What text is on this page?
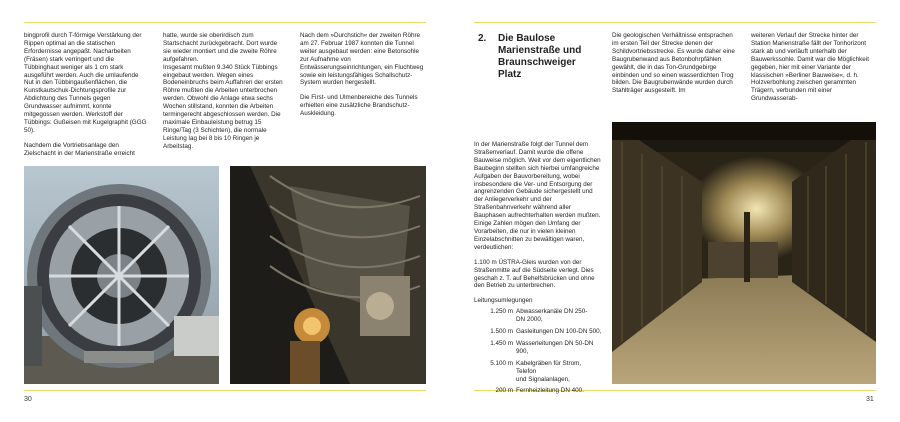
bingprofil durch T-förmige Verstärkung der Rippen optimal an die statischen Erfordernisse angepaßt. Nacharbeiten (Fräsen) stark verringert und die Tübbinghaut weniger als 1 cm stark ausgeführt werden. Auch die umlaufende Nut in den Tübbingaußenflächen, die Kunstkautschuk-Dichtungsprofile zur Abdichtung des Tunnels gegen Grundwasser aufnimmt, konnte mitgegossen werden. Werkstoff der Tübbings: Gußeisen mit Kugelgraphit (GGG 50).

Nachdem die Vortriebsanlage den Zielschacht in der Marienstraße erreicht

hatte, wurde sie oberirdisch zum Startschacht zurückgebracht. Dort wurde sie wieder montiert und die zweite Röhre aufgefahren.

Insgesamt mußten 9.340 Stück Tübbings eingebaut werden. Wegen eines Bodeneinbruchs beim Auffahren der ersten Röhre mußten die Arbeiten unterbrochen werden. Obwohl die Anlage etwa sechs Wochen stillstand, konnten die Arbeiten termingerecht abgeschlossen werden. Die maximale Einbauleistung betrug 15 Ringe/Tag (3 Schichten), die normale Leistung lag bei 8 bis 10 Ringen je Arbeitstag.

Nach dem »Durchstich« der zweiten Röhre am 27. Februar 1987 konnten die Tunnel weiter ausgebaut werden: eine Betonsohle zur Aufnahme von Entwässerungseinrichtungen, ein Fluchtweg sowie ein leistungsfähiges Schallschutz-System wurden hergestellt.

Die First- und Ulmenbereiche des Tunnels erhielten eine zusätzliche Brandschutz-Auskleidung.

30
2. Die Baulose
Marienstraße und
Braunschweiger
Platz

In der Marienstraße folgt der Tunnel dem Straßenverlauf. Damit wurde die offene Bauweise möglich. Weit vor dem eigentlichen Baubeginn stellten sich hierbei umfangreiche Aufgaben der Bauvorbereitung, wobei insbesondere die Ver- und Entsorgung der angrenzenden Gebäude sichergestellt und der Anliegerverkehr und der Straßenbahnverkehr während aller Bauphasen aufrechterhalten werden mußten. Einige Zahlen mögen den Umfang der Vorarbeiten, die nur in vielen kleinen Einzelabschnitten zu bewältigen waren, verdeutlichen:

1.100 m ÜSTRA-Gleis wurden von der Straßenmitte auf die Südseite verlegt. Dies geschah z. T. auf Behelfsbrücken und ohne den Betrieb zu unterbrechen.

Leitungsumlegungen

1.250 m Abwasserkanäle DN 250-
DN 2000,
1.500 m Gasleitungen DN 100-DN 500,
1.450 m Wasserleitungen DN 50-DN 900,
5.100 m Kabelgräben für Strom, Telefon
und Signalanlagen,
200 m Fernheizleitung DN 400.

Die geologischen Verhältnisse entsprachen im ersten Teil der Strecke denen der Schildvortriebsstrecke. Es wurde daher eine Baugrubenwand aus Betonbohrpfählen gewählt, die in das Ton-Grundgebirge einbinden und so einen wasserdichten Trog bilden. Die Baugrubenwände wurden durch Stahlträger ausgesteift. Im

weiteren Verlauf der Strecke hinter der Station Marienstraße fällt der Tonhorizont stark ab und verläuft unterhalb der Bauwerkssohle. Damit war die Möglichkeit gegeben, hier mit einer Variante der klassischen »Berliner Bauweise«, d. h. Holzverbohlung zwischen gerammten Trägern, verbunden mit einer Grundwasserab-

31
